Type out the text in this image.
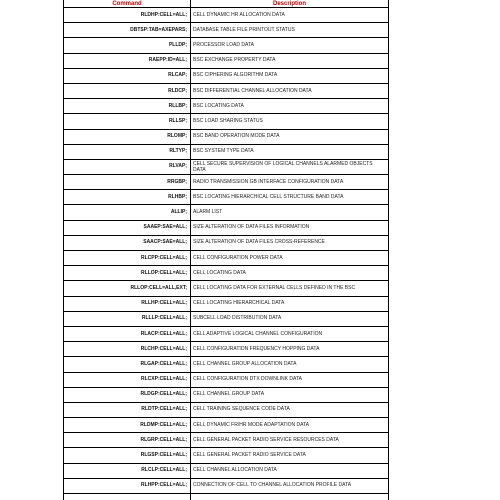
Command	Description
RLDHP:CELL=ALL;	CELL DYNAMIC HR ALLOCATION DATA
DBTSP:TAB=AXEPARS;	DATABASE TABLE FILE PRINTOUT STATUS
PLLDP;	PROCESSOR LOAD DATA
RAEPP:ID=ALL;	BSC EXCHANGE PROPERTY DATA
RLCAP;	BSC CIPHERING ALGORITHM DATA
RLDCP;	BSC DIFFERENTIAL CHANNEL ALLOCATION DATA
RLLBP;	BSC LOCATING DATA
RLLSP;	BSC LOAD SHARING STATUS
RLOMP;	BSC BAND OPERATION MODE DATA
RLTYP;	BSC SYSTEM TYPE DATA
RLVAP;	CELL SECURE SUPERVISION OF LOGICAL CHANNELS ALARMED OBJECTS DATA
RRGBP;	RADIO TRANSMISSION GB INTERFACE CONFIGURATION DATA
RLHBP;	BSC LOCATING HIERARCHICAL CELL STRUCTURE BAND DATA
ALLIP;	ALARM LIST
SAAEP:SAE=ALL;	SIZE ALTERATION OF DATA FILES INFORMATION
SAACP:SAE=ALL;	SIZE ALTERATION OF DATA FILES CROSS-REFERENCE
RLCPP:CELL=ALL;	CELL CONFIGURATION POWER DATA
RLLOP:CELL=ALL;	CELL LOCATING DATA
RLLOP:CELL=ALL,EXT;	CELL LOCATING DATA FOR EXTERNAL CELLS DEFINED IN THE BSC
RLLHP:CELL=ALL;	CELL LOCATING HIERARCHICAL DATA
RLLLP:CELL=ALL;	SUBCELL LOAD DISTRIBUTION DATA
RLACP:CELL=ALL;	CELL ADAPTIVE LOGICAL CHANNEL CONFIGURATION
RLCHP:CELL=ALL;	CELL CONFIGURATION FREQUENCY HOPPING DATA
RLGAP:CELL=ALL;	CELL CHANNEL GROUP ALLOCATION DATA
RLCXP:CELL=ALL;	CELL CONFIGURATION DTX DOWNLINK DATA
RLDGP:CELL=ALL;	CELL CHANNEL GROUP DATA
RLDTP:CELL=ALL;	CELL TRAINING SEQUENCE CODE DATA
RLDMP:CELL=ALL;	CELL DYNAMIC FR/HR MODE ADAPTATION DATA
RLGRP:CELL=ALL;	CELL GENERAL PACKET RADIO SERVICE RESOURCES DATA
RLGSP:CELL=ALL;	CELL GENERAL PACKET RADIO SERVICE DATA
RLCLP:CELL=ALL;	CELL CHANNEL ALLOCATION DATA
RLHPP:CELL=ALL;	CONNECTION OF CELL TO CHANNEL ALLOCATION PROFILE DATA
